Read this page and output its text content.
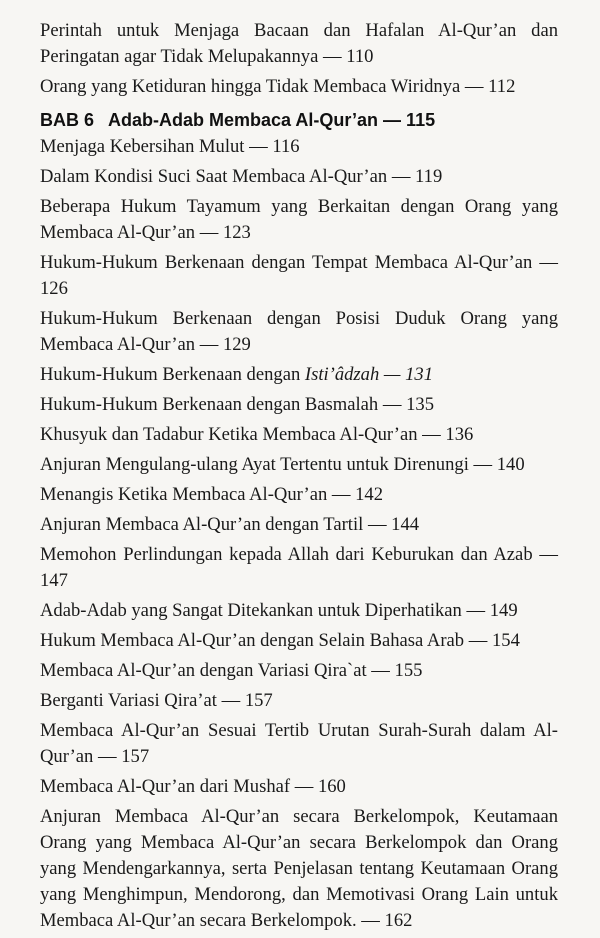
Perintah untuk Menjaga Bacaan dan Hafalan Al-Qur’an dan Peringatan agar Tidak Melupakannya — 110
Orang yang Ketiduran hingga Tidak Membaca Wiridnya — 112
BAB 6 Adab-Adab Membaca Al-Qur’an — 115
Menjaga Kebersihan Mulut — 116
Dalam Kondisi Suci Saat Membaca Al-Qur’an — 119
Beberapa Hukum Tayamum yang Berkaitan dengan Orang yang Membaca Al-Qur’an — 123
Hukum-Hukum Berkenaan dengan Tempat Membaca Al-Qur’an — 126
Hukum-Hukum Berkenaan dengan Posisi Duduk Orang yang Membaca Al-Qur’an — 129
Hukum-Hukum Berkenaan dengan Isti’âdzah — 131
Hukum-Hukum Berkenaan dengan Basmalah — 135
Khusyuk dan Tadabur Ketika Membaca Al-Qur’an — 136
Anjuran Mengulang-ulang Ayat Tertentu untuk Direnungi — 140
Menangis Ketika Membaca Al-Qur’an — 142
Anjuran Membaca Al-Qur’an dengan Tartil — 144
Memohon Perlindungan kepada Allah dari Keburukan dan Azab — 147
Adab-Adab yang Sangat Ditekankan untuk Diperhatikan — 149
Hukum Membaca Al-Qur’an dengan Selain Bahasa Arab — 154
Membaca Al-Qur’an dengan Variasi Qira`at — 155
Berganti Variasi Qira’at — 157
Membaca Al-Qur’an Sesuai Tertib Urutan Surah-Surah dalam Al-Qur’an — 157
Membaca Al-Qur’an dari Mushaf — 160
Anjuran Membaca Al-Qur’an secara Berkelompok, Keutamaan Orang yang Membaca Al-Qur’an secara Berkelompok dan Orang yang Mendengarkannya, serta Penjelasan tentang Keutamaan Orang yang Menghimpun, Mendorong, dan Memotivasi Orang Lain untuk Membaca Al-Qur’an secara Berkelompok. — 162
